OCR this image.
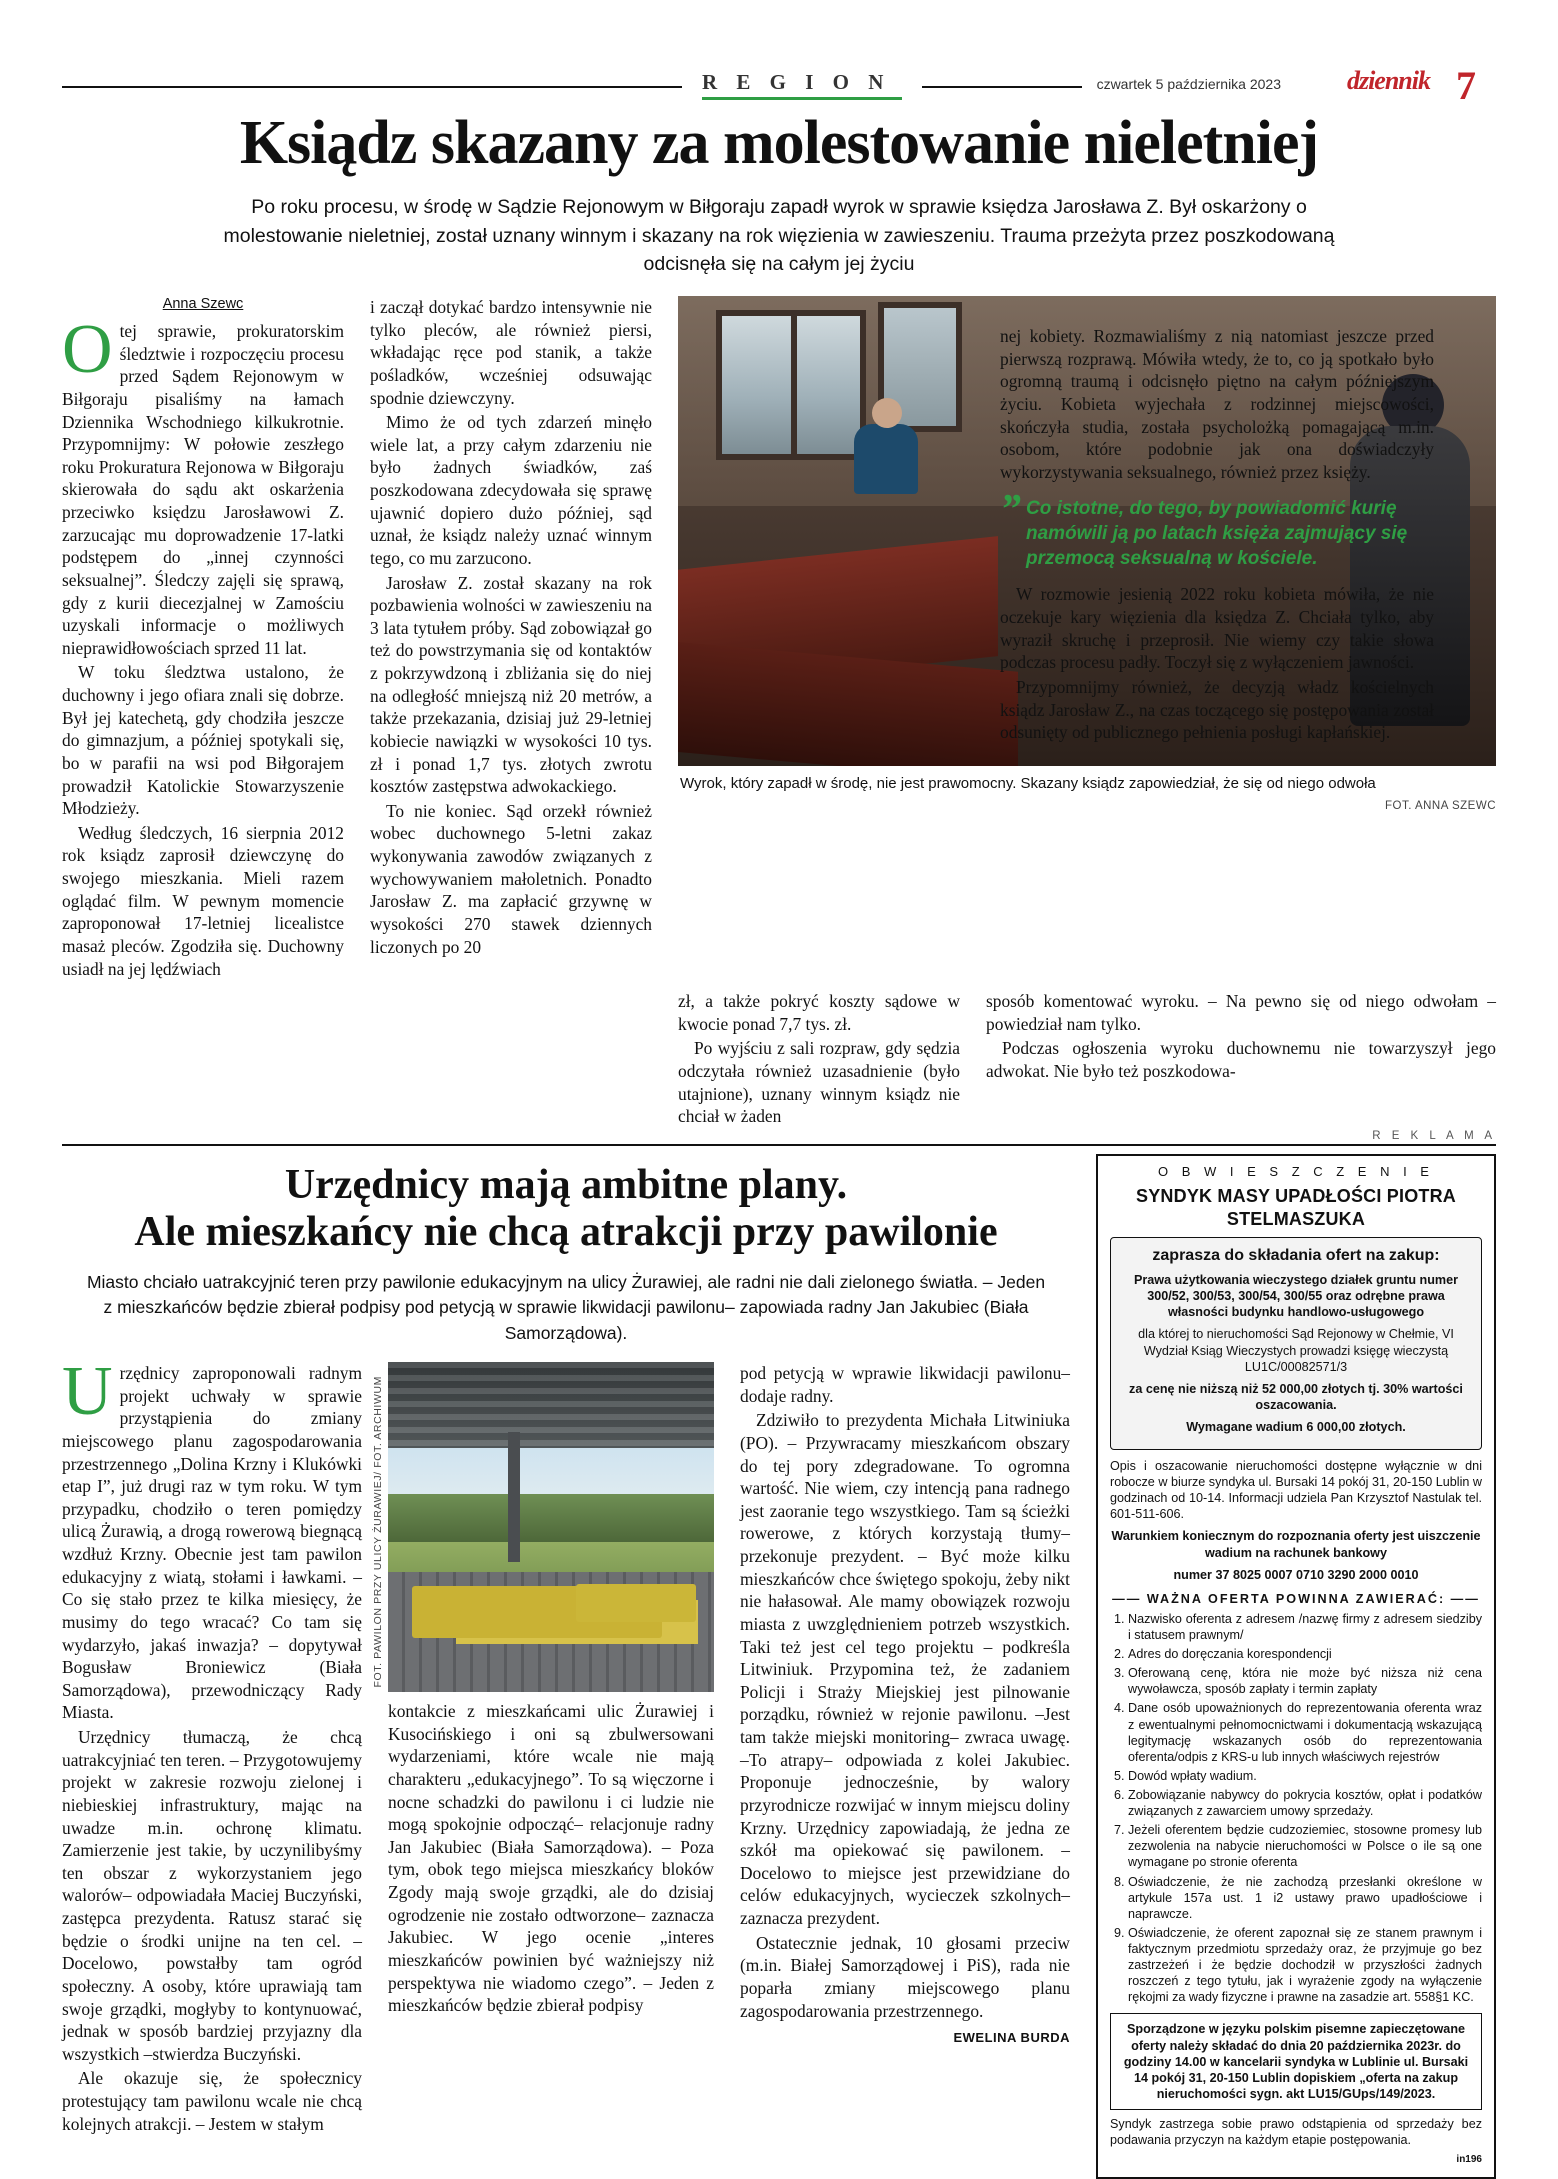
R E G I O N	czwartek 5 października 2023	dziennik 7
Ksiądz skazany za molestowanie nieletniej
Po roku procesu, w środę w Sądzie Rejonowym w Biłgoraju zapadł wyrok w sprawie księdza Jarosława Z. Był oskarżony o molestowanie nieletniej, został uznany winnym i skazany na rok więzienia w zawieszeniu. Trauma przeżyta przez poszkodowaną odcisnęła się na całym jej życiu
Anna Szewc

Otej sprawie, prokuratorskim śledztwie i rozpoczęciu procesu przed Sądem Rejonowym w Biłgoraju pisaliśmy na łamach Dziennika Wschodniego kilkukrotnie. Przypomnijmy: W połowie zeszłego roku Prokuratura Rejonowa w Biłgoraju skierowała do sądu akt oskarżenia przeciwko księdzu Jarosławowi Z. zarzucając mu doprowadzenie 17-latki podstępem do „innej czynności seksualnej”. Śledczy zajęli się sprawą, gdy z kurii diecezjalnej w Zamościu uzyskali informacje o możliwych nieprawidłowościach sprzed 11 lat.

W toku śledztwa ustalono, że duchowny i jego ofiara znali się dobrze. Był jej katechetą, gdy chodziła jeszcze do gimnazjum, a później spotykali się, bo w parafii na wsi pod Biłgorajem prowadził Katolickie Stowarzyszenie Młodzieży.

Według śledczych, 16 sierpnia 2012 rok ksiądz zaprosił dziewczynę do swojego mieszkania. Mieli razem oglądać film. W pewnym momencie zaproponował 17-letniej licealistce masaż pleców. Zgodziła się. Duchowny usiadł na jej lędźwiach

i zaczął dotykać bardzo intensywnie nie tylko pleców, ale również piersi, wkładając ręce pod stanik, a także pośladków, wcześniej odsuwając spodnie dziewczyny.

Mimo że od tych zdarzeń minęło wiele lat, a przy całym zdarzeniu nie było żadnych świadków, zaś poszkodowana zdecydowała się sprawę ujawnić dopiero dużo później, sąd uznał, że ksiądz należy uznać winnym tego, co mu zarzucono.

Jarosław Z. został skazany na rok pozbawienia wolności w zawieszeniu na 3 lata tytułem próby. Sąd zobowiązał go też do powstrzymania się od kontaktów z pokrzywdzoną i zbliżania się do niej na odległość mniejszą niż 20 metrów, a także przekazania, dzisiaj już 29-letniej kobiecie nawiązki w wysokości 10 tys. zł i ponad 1,7 tys. złotych zwrotu kosztów zastępstwa adwokackiego.

To nie koniec. Sąd orzekł również wobec duchownego 5-letni zakaz wykonywania zawodów związanych z wychowywaniem małoletnich. Ponadto Jarosław Z. ma zapłacić grzywnę w wysokości 270 stawek dziennych liczonych po 20

Wyrok, który zapadł w środę, nie jest prawomocny. Skazany ksiądz zapowiedział, że się od niego odwoła
FOT. ANNA SZEWC

zł, a także pokryć koszty sądowe w kwocie ponad 7,7 tys. zł.

Po wyjściu z sali rozpraw, gdy sędzia odczytała również uzasadnienie (było utajnione), uznany winnym ksiądz nie chciał w żaden

sposób komentować wyroku. – Na pewno się od niego odwołam – powiedział nam tylko.

Podczas ogłoszenia wyroku duchownemu nie towarzyszył jego adwokat. Nie było też poszkodowa-

nej kobiety. Rozmawialiśmy z nią natomiast jeszcze przed pierwszą rozprawą. Mówiła wtedy, że to, co ją spotkało było ogromną traumą i odcisnęło piętno na całym późniejszym życiu. Kobieta wyjechała z rodzinnej miejscowości, skończyła studia, została psycholożką pomagającą m.in. osobom, które podobnie jak ona doświadczyły wykorzystywania seksualnego, również przez księży.

” Co istotne, do tego, by powiadomić kurię namówili ją po latach księża zajmujący się przemocą seksualną w kościele.

W rozmowie jesienią 2022 roku kobieta mówiła, że nie oczekuje kary więzienia dla księdza Z. Chciała tylko, aby wyraził skruchę i przeprosił. Nie wiemy czy takie słowa podczas procesu padły. Toczył się z wyłączeniem jawności.

Przypomnijmy również, że decyzją władz kościelnych ksiądz Jarosław Z., na czas toczącego się postępowania został odsunięty od publicznego pełnienia posługi kapłańskiej.

R E K L A M A
Urzędnicy mają ambitne plany.
Ale mieszkańcy nie chcą atrakcji przy pawilonie
Miasto chciało uatrakcyjnić teren przy pawilonie edukacyjnym na ulicy Żurawiej, ale radni nie dali zielonego światła. – Jeden z mieszkańców będzie zbierał podpisy pod petycją w sprawie likwidacji pawilonu– zapowiada radny Jan Jakubiec (Biała Samorządowa).

Urzędnicy zaproponowali radnym projekt uchwały w sprawie przystąpienia do zmiany miejscowego planu zagospodarowania przestrzennego „Dolina Krzny i Klukówki etap I”, już drugi raz w tym roku. W tym przypadku, chodziło o teren pomiędzy ulicą Żurawią, a drogą rowerową biegnącą wzdłuż Krzny. Obecnie jest tam pawilon edukacyjny z wiatą, stołami i ławkami. – Co się stało przez te kilka miesięcy, że musimy do tego wracać? Co tam się wydarzyło, jakaś inwazja? – dopytywał Bogusław Broniewicz (Biała Samorządowa), przewodniczący Rady Miasta.

Urzędnicy tłumaczą, że chcą uatrakcyjniać ten teren. – Przygotowujemy projekt w zakresie rozwoju zielonej i niebieskiej infrastruktury, mając na uwadze m.in. ochronę klimatu. Zamierzenie jest takie, by uczynilibyśmy ten obszar z wykorzystaniem jego walorów– odpowiadała Maciej Buczyński, zastępca prezydenta. Ratusz starać się będzie o środki unijne na ten cel. – Docelowo, powstałby tam ogród społeczny. A osoby, które uprawiają tam swoje grządki, mogłyby to kontynuować, jednak w sposób bardziej przyjazny dla wszystkich –stwierdza Buczyński.

Ale okazuje się, że społecznicy protestujący tam pawilonu wcale nie chcą kolejnych atrakcji. – Jestem w stałym

FOT. PAWILON PRZY ULICY ŻURAWIEJ/ FOT. ARCHIWUM

kontakcie z mieszkańcami ulic Żurawiej i Kusocińskiego i oni są zbulwersowani wydarzeniami, które wcale nie mają charakteru „edukacyjnego”. To są więczorne i nocne schadzki do pawilonu i ci ludzie nie mogą spokojnie odpocząć– relacjonuje radny Jan Jakubiec (Biała Samorządowa). – Poza tym, obok tego miejsca mieszkańcy bloków Zgody mają swoje grządki, ale do dzisiaj ogrodzenie nie zostało odtworzone– zaznacza Jakubiec. W jego ocenie „interes mieszkańców powinien być ważniejszy niż perspektywa nie wiadomo czego”. – Jeden z mieszkańców będzie zbierał podpisy

pod petycją w wprawie likwidacji pawilonu– dodaje radny.

Zdziwiło to prezydenta Michała Litwiniuka (PO). – Przywracamy mieszkańcom obszary do tej pory zdegradowane. To ogromna wartość. Nie wiem, czy intencją pana radnego jest zaoranie tego wszystkiego. Tam są ścieżki rowerowe, z których korzystają tłumy– przekonuje prezydent. – Być może kilku mieszkańców chce świętego spokoju, żeby nikt nie hałasował. Ale mamy obowiązek rozwoju miasta z uwzględnieniem potrzeb wszystkich. Taki też jest cel tego projektu – podkreśla Litwiniuk. Przypomina też, że zadaniem Policji i Straży Miejskiej jest pilnowanie porządku, również w rejonie pawilonu. –Jest tam także miejski monitoring– zwraca uwagę. –To atrapy– odpowiada z kolei Jakubiec. Proponuje jednocześnie, by walory przyrodnicze rozwijać w innym miejscu doliny Krzny. Urzędnicy zapowiadają, że jedna ze szkół ma opiekować się pawilonem. – Docelowo to miejsce jest przewidziane do celów edukacyjnych, wycieczek szkolnych–zaznacza prezydent.

Ostatecznie jednak, 10 głosami przeciw (m.in. Białej Samorządowej i PiS), rada nie poparła zmiany miejscowego planu zagospodarowania przestrzennego.

EWELINA BURDA
O B W I E S Z C Z E N I E
SYNDYK MASY UPADŁOŚCI PIOTRA STELMASZUKA
zaprasza do składania ofert na zakup:

Prawa użytkowania wieczystego działek gruntu numer 300/52, 300/53, 300/54, 300/55 oraz odrębne prawa własności budynku handlowo-usługowego

dla której to nieruchomości Sąd Rejonowy w Chełmie, VI Wydział Ksiąg Wieczystych prowadzi księgę wieczystą LU1C/00082571/3

za cenę nie niższą niż 52 000,00 złotych tj. 30% wartości oszacowania.

Wymagane wadium 6 000,00 złotych.

Opis i oszacowanie nieruchomości dostępne wyłącznie w dni robocze w biurze syndyka ul. Bursaki 14 pokój 31, 20-150 Lublin w godzinach od 10-14. Informacji udziela Pan Krzysztof Nastulak tel. 601-511-606.

Warunkiem koniecznym do rozpoznania oferty jest uiszczenie wadium na rachunek bankowy

numer 37 8025 0007 0710 3290 2000 0010

—— WAŻNA OFERTA POWINNA ZAWIERAĆ: ——
1. Nazwisko oferenta z adresem /nazwę firmy z adresem siedziby i statusem prawnym/
2. Adres do doręczania korespondencji
3. Oferowaną cenę, która nie może być niższa niż cena wywoławcza, sposób zapłaty i termin zapłaty
4. Dane osób upoważnionych do reprezentowania oferenta wraz z ewentualnymi pełnomocnictwami i dokumentacją wskazującą legitymację wskazanych osób do reprezentowania oferenta/odpis z KRS-u lub innych właściwych rejestrów
5. Dowód wpłaty wadium.
6. Zobowiązanie nabywcy do pokrycia kosztów, opłat i podatków związanych z zawarciem umowy sprzedaży.
7. Jeżeli oferentem będzie cudzoziemiec, stosowne promesy lub zezwolenia na nabycie nieruchomości w Polsce o ile są one wymagane po stronie oferenta
8. Oświadczenie, że nie zachodzą przesłanki określone w artykule 157a ust. 1 i2 ustawy prawo upadłościowe i naprawcze.
9. Oświadczenie, że oferent zapoznał się ze stanem prawnym i faktycznym przedmiotu sprzedaży oraz, że przyjmuje go bez zastrzeżeń i że będzie dochodził w przyszłości żadnych roszczeń z tego tytułu, jak i wyrażenie zgody na wyłączenie rękojmi za wady fizyczne i prawne na zasadzie art. 558§1 KC.
Sporządzone w języku polskim pisemne zapieczętowane oferty należy składać do dnia 20 października 2023r. do godziny 14.00 w kancelarii syndyka w Lublinie ul. Bursaki 14 pokój 31, 20-150 Lublin dopiskiem „oferta na zakup nieruchomości sygn. akt LU15/GUps/149/2023.

Syndyk zastrzega sobie prawo odstąpienia od sprzedaży bez podawania przyczyn na każdym etapie postępowania.

in196
